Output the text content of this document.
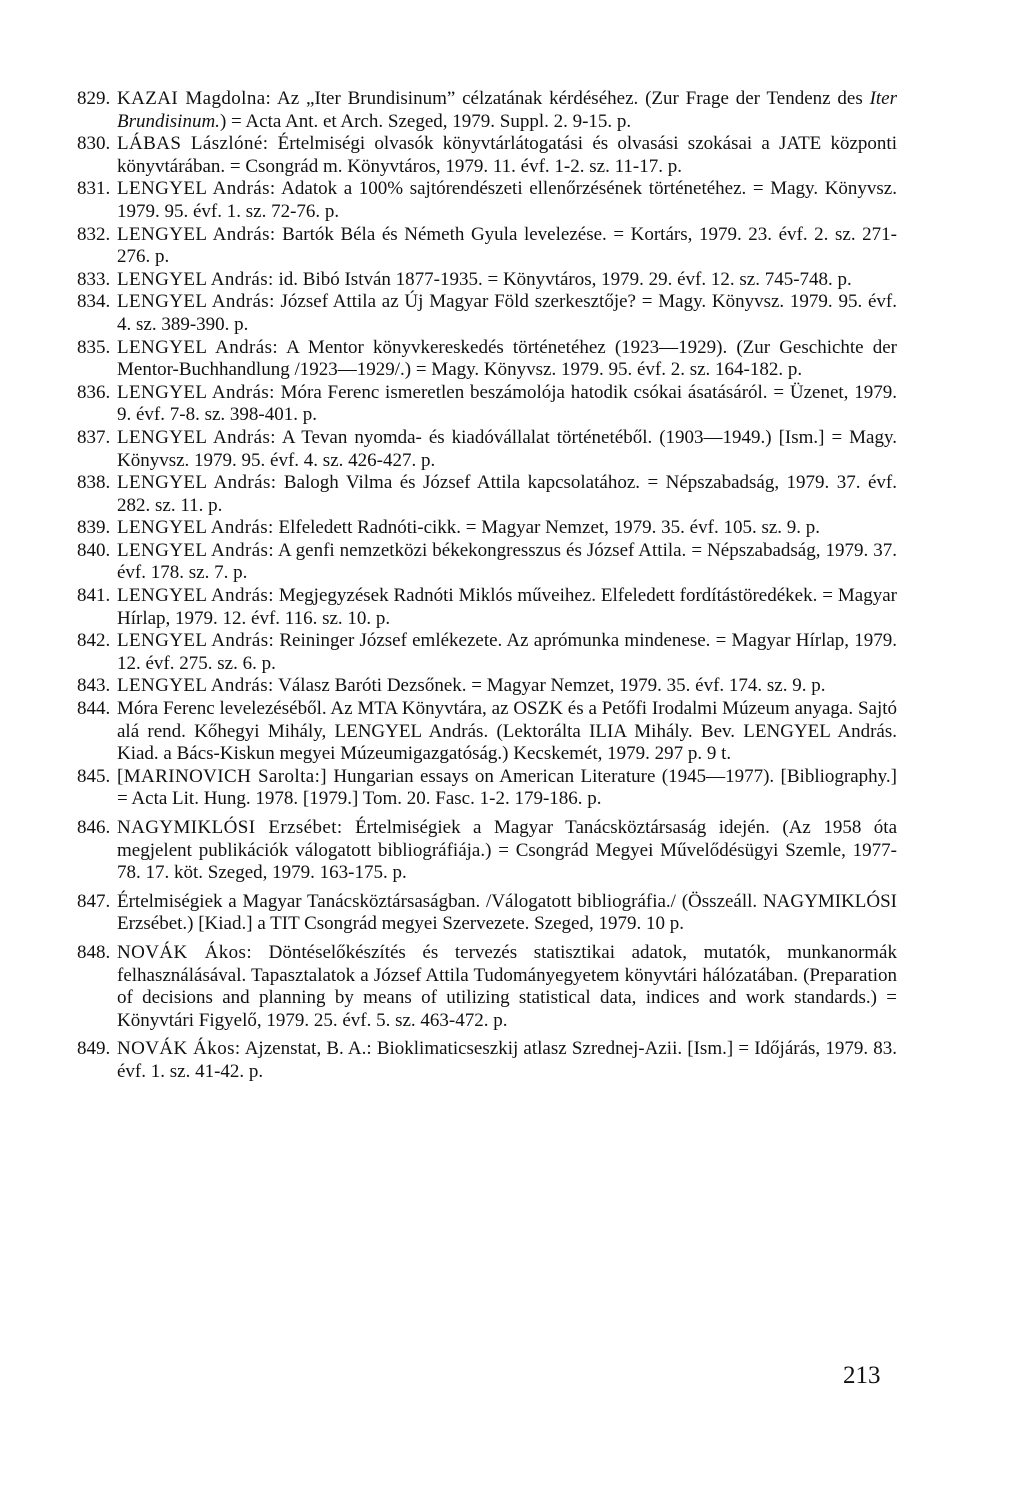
829. KAZAI Magdolna: Az „Iter Brundisinum” célzatának kérdéséhez. (Zur Frage der Tendenz des Iter Brundisinum.) = Acta Ant. et Arch. Szeged, 1979. Suppl. 2. 9-15. p.
830. LÁBAS Lászlóné: Értelmiségi olvasók könyvtárlátogatási és olvasási szokásai a JATE központi könyvtárában. = Csongrád m. Könyvtáros, 1979. 11. évf. 1-2. sz. 11-17. p.
831. LENGYEL András: Adatok a 100% sajtórendészeti ellenőrzésének történetéhez. = Magy. Könyvsz. 1979. 95. évf. 1. sz. 72-76. p.
832. LENGYEL András: Bartók Béla és Németh Gyula levelezése. = Kortárs, 1979. 23. évf. 2. sz. 271-276. p.
833. LENGYEL András: id. Bibó István 1877-1935. = Könyvtáros, 1979. 29. évf. 12. sz. 745-748. p.
834. LENGYEL András: József Attila az Új Magyar Föld szerkesztője? = Magy. Könyvsz. 1979. 95. évf. 4. sz. 389-390. p.
835. LENGYEL András: A Mentor könyvkereskedés történetéhez (1923—1929). (Zur Geschichte der Mentor-Buchhandlung /1923—1929/.) = Magy. Könyvsz. 1979. 95. évf. 2. sz. 164-182. p.
836. LENGYEL András: Móra Ferenc ismeretlen beszámolója hatodik csókai ásatásáról. = Üzenet, 1979. 9. évf. 7-8. sz. 398-401. p.
837. LENGYEL András: A Tevan nyomda- és kiadóvállalat történetéből. (1903—1949.) [Ism.] = Magy. Könyvsz. 1979. 95. évf. 4. sz. 426-427. p.
838. LENGYEL András: Balogh Vilma és József Attila kapcsolatához. = Népszabadság, 1979. 37. évf. 282. sz. 11. p.
839. LENGYEL András: Elfeledett Radnóti-cikk. = Magyar Nemzet, 1979. 35. évf. 105. sz. 9. p.
840. LENGYEL András: A genfi nemzetközi békekongresszus és József Attila. = Népszabadság, 1979. 37. évf. 178. sz. 7. p.
841. LENGYEL András: Megjegyzések Radnóti Miklós műveihez. Elfeledett fordítástöredékek. = Magyar Hírlap, 1979. 12. évf. 116. sz. 10. p.
842. LENGYEL András: Reininger József emlékezete. Az aprómunka mindenese. = Magyar Hírlap, 1979. 12. évf. 275. sz. 6. p.
843. LENGYEL András: Válasz Baróti Dezsőnek. = Magyar Nemzet, 1979. 35. évf. 174. sz. 9. p.
844. Móra Ferenc levelezéséből. Az MTA Könyvtára, az OSZK és a Petőfi Irodalmi Múzeum anyaga. Sajtó alá rend. Kőhegyi Mihály, LENGYEL András. (Lektorálta ILIA Mihály. Bev. LENGYEL András. Kiad. a Bács-Kiskun megyei Múzeumigazgatóság.) Kecskemét, 1979. 297 p. 9 t.
845. [MARINOVICH Sarolta:] Hungarian essays on American Literature (1945—1977). [Bibliography.] = Acta Lit. Hung. 1978. [1979.] Tom. 20. Fasc. 1-2. 179-186. p.
846. NAGYMIKLÓSI Erzsébet: Értelmiségiek a Magyar Tanácsköztársaság idején. (Az 1958 óta megjelent publikációk válogatott bibliográfiája.) = Csongrád Megyei Művelődésügyi Szemle, 1977-78. 17. köt. Szeged, 1979. 163-175. p.
847. Értelmiségiek a Magyar Tanácsköztársaságban. /Válogatott bibliográfia./ (Összeáll. NAGYMIKLÓSI Erzsébet.) [Kiad.] a TIT Csongrád megyei Szervezete. Szeged, 1979. 10 p.
848. NOVÁK Ákos: Döntéselőkészítés és tervezés statisztikai adatok, mutatók, munkanormák felhasználásával. Tapasztalatok a József Attila Tudományegyetem könyvtári hálózatában. (Preparation of decisions and planning by means of utilizing statistical data, indices and work standards.) = Könyvtári Figyelő, 1979. 25. évf. 5. sz. 463-472. p.
849. NOVÁK Ákos: Ajzenstat, B. A.: Bioklimaticseszkij atlasz Szrednej-Azii. [Ism.] = Időjárás, 1979. 83. évf. 1. sz. 41-42. p.
213
